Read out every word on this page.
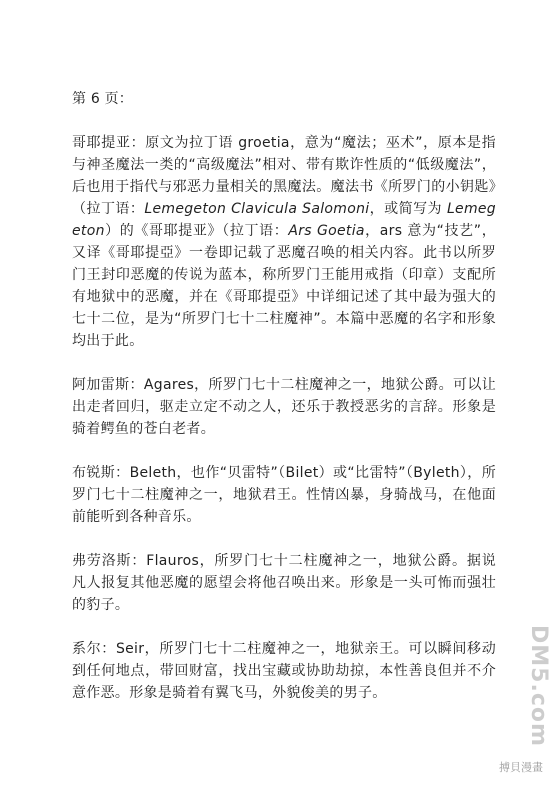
第 6 页：

哥耶提亚：原文为拉丁语 groetia，意为“魔法；巫术”，原本是指与神圣魔法一类的“高级魔法”相对、带有欺诈性质的“低级魔法”，后也用于指代与邪恶力量相关的黑魔法。魔法书《所罗门的小钥匙》（拉丁语：Lemegeton Clavicula Salomoni，或简写为 Lemegeton）的《哥耶提亚》（拉丁语：Ars Goetia，ars 意为“技艺”，又译《哥耶提亞》一卷即记载了恶魔召唤的相关内容。此书以所罗门王封印恶魔的传说为蓝本，称所罗门王能用戒指（印章）支配所有地狱中的恶魔，并在《哥耶提亞》中详细记述了其中最为强大的七十二位，是为“所罗门七十二柱魔神”。本篇中恶魔的名字和形象均出于此。

阿加雷斯：Agares，所罗门七十二柱魔神之一，地狱公爵。可以让出走者回归，驱走立定不动之人，还乐于教授恶劣的言辞。形象是骑着鳄鱼的苍白老者。

布锐斯：Beleth，也作“贝雷特”（Bilet）或“比雷特”（Byleth），所罗门七十二柱魔神之一，地狱君王。性情凶暴，身骑战马，在他面前能听到各种音乐。

弗劳洛斯：Flauros，所罗门七十二柱魔神之一，地狱公爵。据说凡人报复其他恶魔的愿望会将他召唤出来。形象是一头可怖而强壮的豹子。

系尔：Seir，所罗门七十二柱魔神之一，地狱亲王。可以瞬间移动到任何地点，带回财富，找出宝藏或协助劫掠，本性善良但并不介意作恶。形象是骑着有翼飞马，外貌俊美的男子。	DM5.com
搏貝漫畫
